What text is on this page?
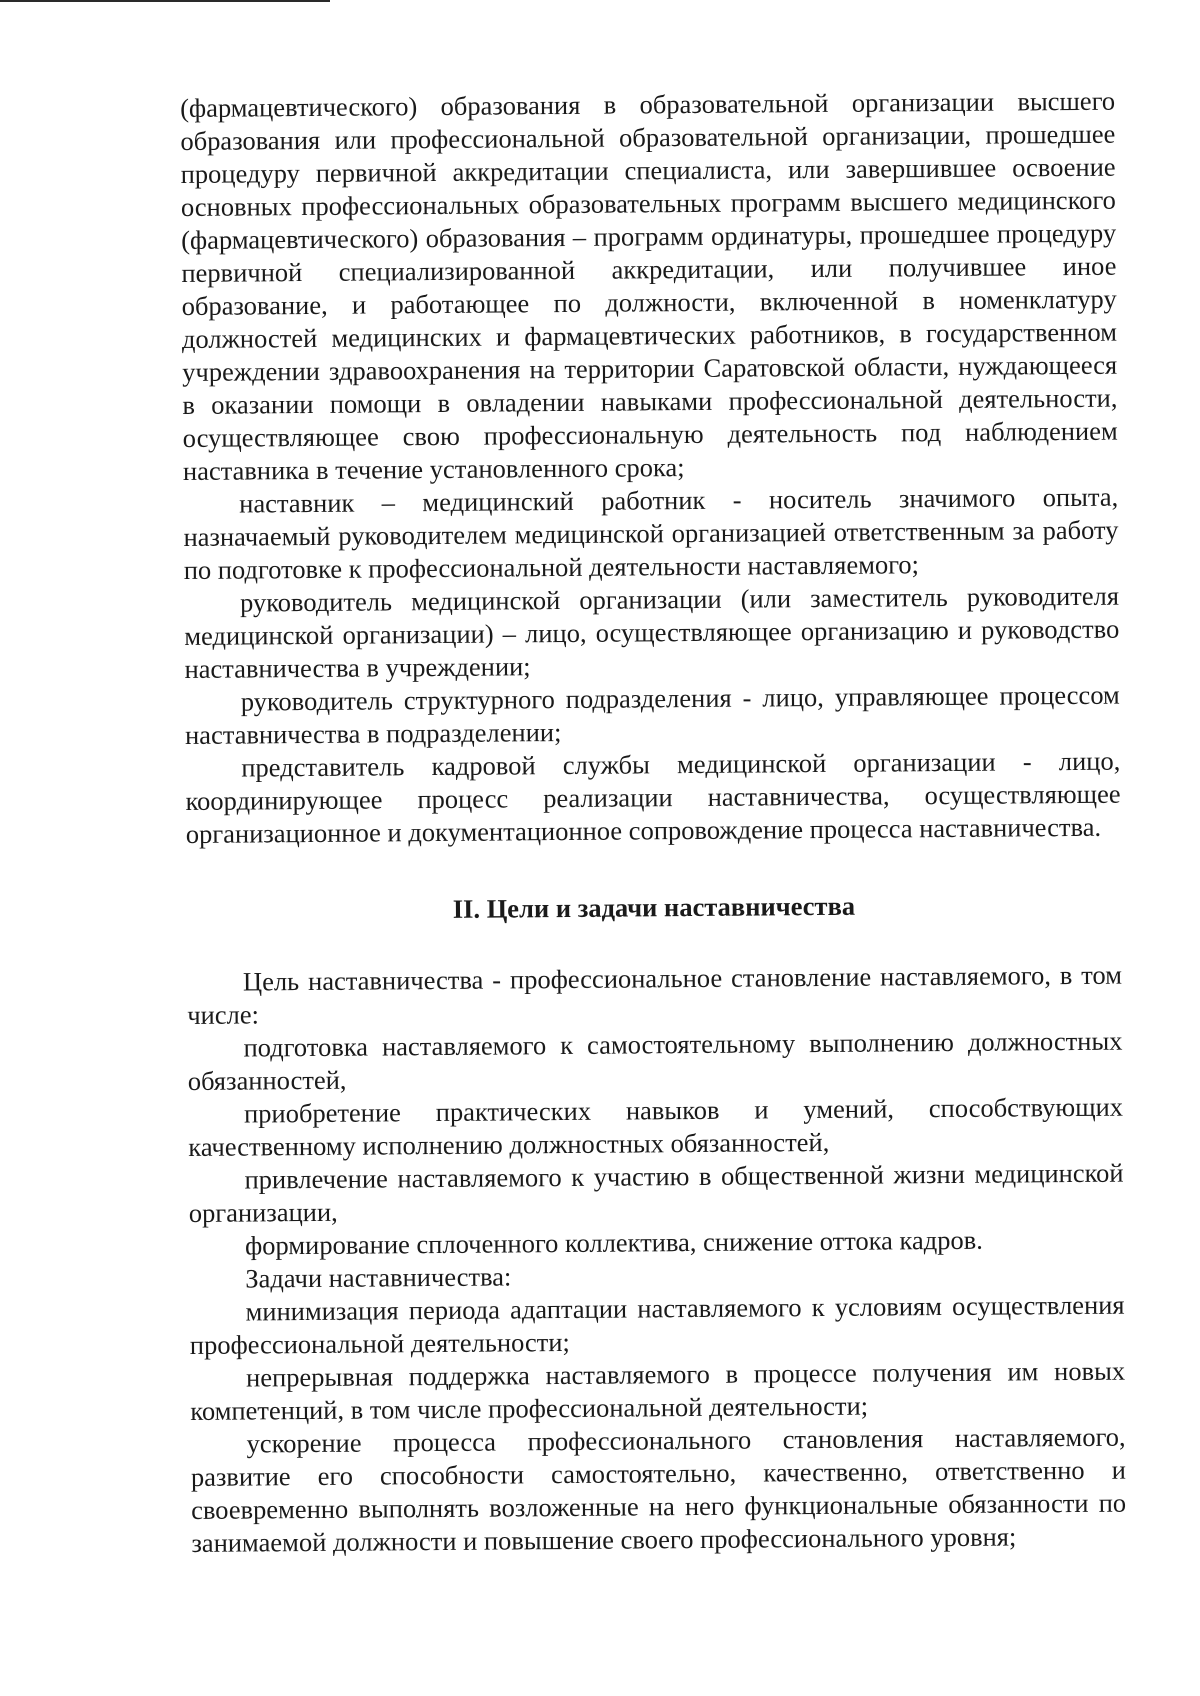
(фармацевтического) образования в образовательной организации высшего образования или профессиональной образовательной организации, прошедшее процедуру первичной аккредитации специалиста, или завершившее освоение основных профессиональных образовательных программ высшего медицинского (фармацевтического) образования – программ ординатуры, прошедшее процедуру первичной специализированной аккредитации, или получившее иное образование, и работающее по должности, включенной в номенклатуру должностей медицинских и фармацевтических работников, в государственном учреждении здравоохранения на территории Саратовской области, нуждающееся в оказании помощи в овладении навыками профессиональной деятельности, осуществляющее свою профессиональную деятельность под наблюдением наставника в течение установленного срока;

наставник – медицинский работник - носитель значимого опыта, назначаемый руководителем медицинской организацией ответственным за работу по подготовке к профессиональной деятельности наставляемого;

руководитель медицинской организации (или заместитель руководителя медицинской организации) – лицо, осуществляющее организацию и руководство наставничества в учреждении;

руководитель структурного подразделения - лицо, управляющее процессом наставничества в подразделении;

представитель кадровой службы медицинской организации - лицо, координирующее процесс реализации наставничества, осуществляющее организационное и документационное сопровождение процесса наставничества.

II. Цели и задачи наставничества

Цель наставничества - профессиональное становление наставляемого, в том числе:

подготовка наставляемого к самостоятельному выполнению должностных обязанностей,

приобретение практических навыков и умений, способствующих качественному исполнению должностных обязанностей,

привлечение наставляемого к участию в общественной жизни медицинской организации,

формирование сплоченного коллектива, снижение оттока кадров.

Задачи наставничества:

минимизация периода адаптации наставляемого к условиям осуществления профессиональной деятельности;

непрерывная поддержка наставляемого в процессе получения им новых компетенций, в том числе профессиональной деятельности;

ускорение процесса профессионального становления наставляемого, развитие его способности самостоятельно, качественно, ответственно и своевременно выполнять возложенные на него функциональные обязанности по занимаемой должности и повышение своего профессионального уровня;
